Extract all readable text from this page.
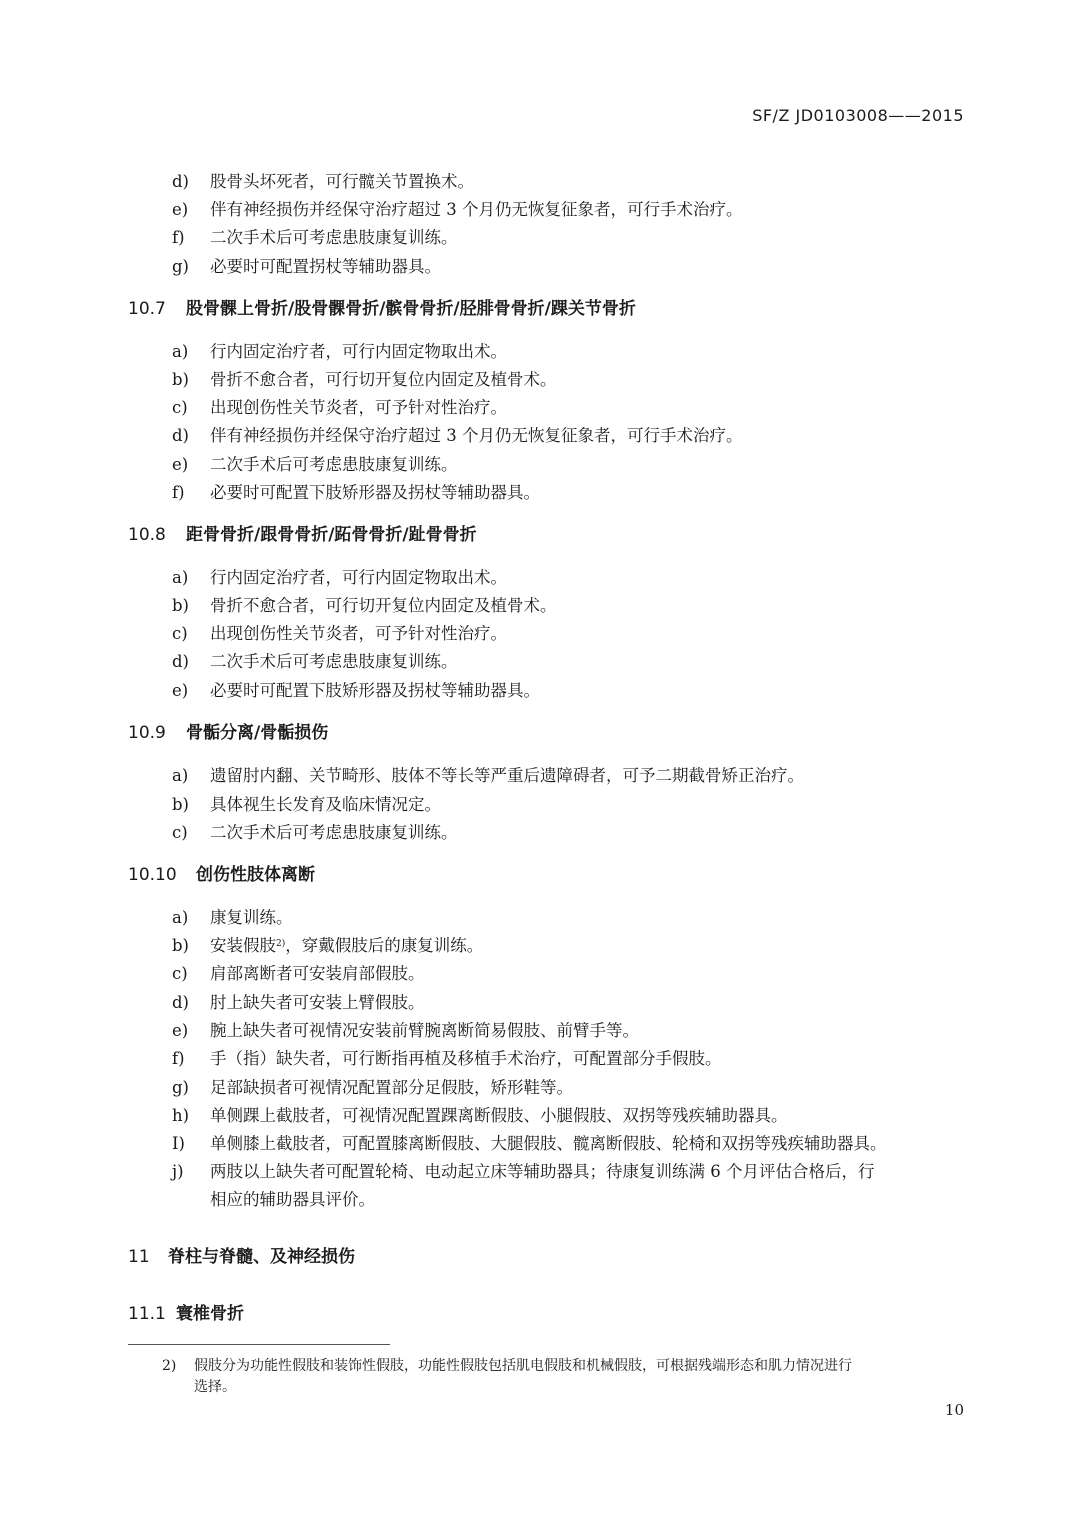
SF/Z JD0103008——2015
d) 股骨头坏死者，可行髋关节置换术。
e) 伴有神经损伤并经保守治疗超过 3 个月仍无恢复征象者，可行手术治疗。
f) 二次手术后可考虑患肢康复训练。
g) 必要时可配置拐杖等辅助器具。
10.7 股骨髁上骨折/股骨髁骨折/髌骨骨折/胫腓骨骨折/踝关节骨折
a) 行内固定治疗者，可行内固定物取出术。
b) 骨折不愈合者，可行切开复位内固定及植骨术。
c) 出现创伤性关节炎者，可予针对性治疗。
d) 伴有神经损伤并经保守治疗超过 3 个月仍无恢复征象者，可行手术治疗。
e) 二次手术后可考虑患肢康复训练。
f) 必要时可配置下肢矫形器及拐杖等辅助器具。
10.8 距骨骨折/跟骨骨折/跖骨骨折/趾骨骨折
a) 行内固定治疗者，可行内固定物取出术。
b) 骨折不愈合者，可行切开复位内固定及植骨术。
c) 出现创伤性关节炎者，可予针对性治疗。
d) 二次手术后可考虑患肢康复训练。
e) 必要时可配置下肢矫形器及拐杖等辅助器具。
10.9 骨骺分离/骨骺损伤
a) 遗留肘内翻、关节畸形、肢体不等长等严重后遗障碍者，可予二期截骨矫正治疗。
b) 具体视生长发育及临床情况定。
c) 二次手术后可考虑患肢康复训练。
10.10 创伤性肢体离断
a) 康复训练。
b) 安装假肢$^{2)}$，穿戴假肢后的康复训练。
c) 肩部离断者可安装肩部假肢。
d) 肘上缺失者可安装上臂假肢。
e) 腕上缺失者可视情况安装前臂腕离断简易假肢、前臂手等。
f) 手（指）缺失者，可行断指再植及移植手术治疗，可配置部分手假肢。
g) 足部缺损者可视情况配置部分足假肢，矫形鞋等。
h) 单侧踝上截肢者，可视情况配置踝离断假肢、小腿假肢、双拐等残疾辅助器具。
I) 单侧膝上截肢者，可配置膝离断假肢、大腿假肢、髋离断假肢、轮椅和双拐等残疾辅助器具。
j) 两肢以上缺失者可配置轮椅、电动起立床等辅助器具；待康复训练满 6 个月评估合格后，行
相应的辅助器具评价。
11 脊柱与脊髓、及神经损伤
11.1 寰椎骨折
2) 假肢分为功能性假肢和装饰性假肢，功能性假肢包括肌电假肢和机械假肢，可根据残端形态和肌力情况进行
选择。
10
